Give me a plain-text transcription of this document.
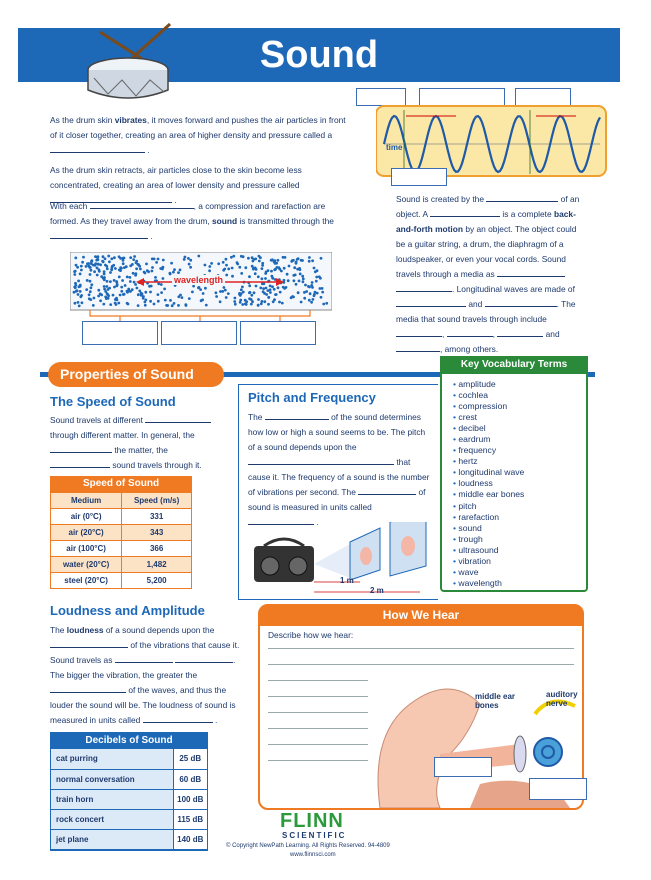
Sound
As the drum skin vibrates, it moves forward and pushes the air particles in front of it closer together, creating an area of higher density and pressure called a  .
As the drum skin retracts, air particles close to the skin become less concentrated, creating an area of lower density and pressure called  .
With each	, a compression and rarefaction are formed. As they travel away from the drum, sound is transmitted through the  .
time
wavelength
Sound is created by the	of an object. A	is a complete back-and-forth motion by an object. The object could be a guitar string, a drum, the diaphragm of a loudspeaker, or even your vocal cords. Sound travels through a media as  . Longitudinal waves are made of  and	. The media that sound travels through include ,	,	and , among others.
Properties of Sound
The Speed of Sound
Sound travels at different  through different matter. In general, the  the matter, the  sound travels through it.
Speed of Sound
Medium	Speed (m/s)
air (0°C)	331
air (20°C)	343
air (100°C)	366
water (20°C)	1,482
steel (20°C)	5,200
Pitch and Frequency
The	of the sound determines how low or high a sound seems to be. The pitch of a sound depends upon the  that cause it. The frequency of a sound is the number of vibrations per second. The	of sound is measured in units called  .
1 m
2 m
Key Vocabulary Terms
• amplitude
• cochlea
• compression
• crest
• decibel
• eardrum
• frequency
• hertz
• longitudinal wave
• loudness
• middle ear bones
• pitch
• rarefaction
• sound
• trough
• ultrasound
• vibration
• wave
• wavelength
Loudness and Amplitude
The loudness of a sound depends upon the  of the vibrations that cause it. Sound travels as	. The bigger the vibration, the greater the  of the waves, and thus the louder the sound will be. The loudness of sound is measured in units called	.
Decibels of Sound
cat purring	25 dB
normal conversation	60 dB
train horn	100 dB
rock concert	115 dB
jet plane	140 dB
How We Hear
Describe how we hear:
middle ear bones
auditory nerve
FLINN
SCIENTIFIC
© Copyright NewPath Learning. All Rights Reserved. 94-4809
www.flinnsci.com
